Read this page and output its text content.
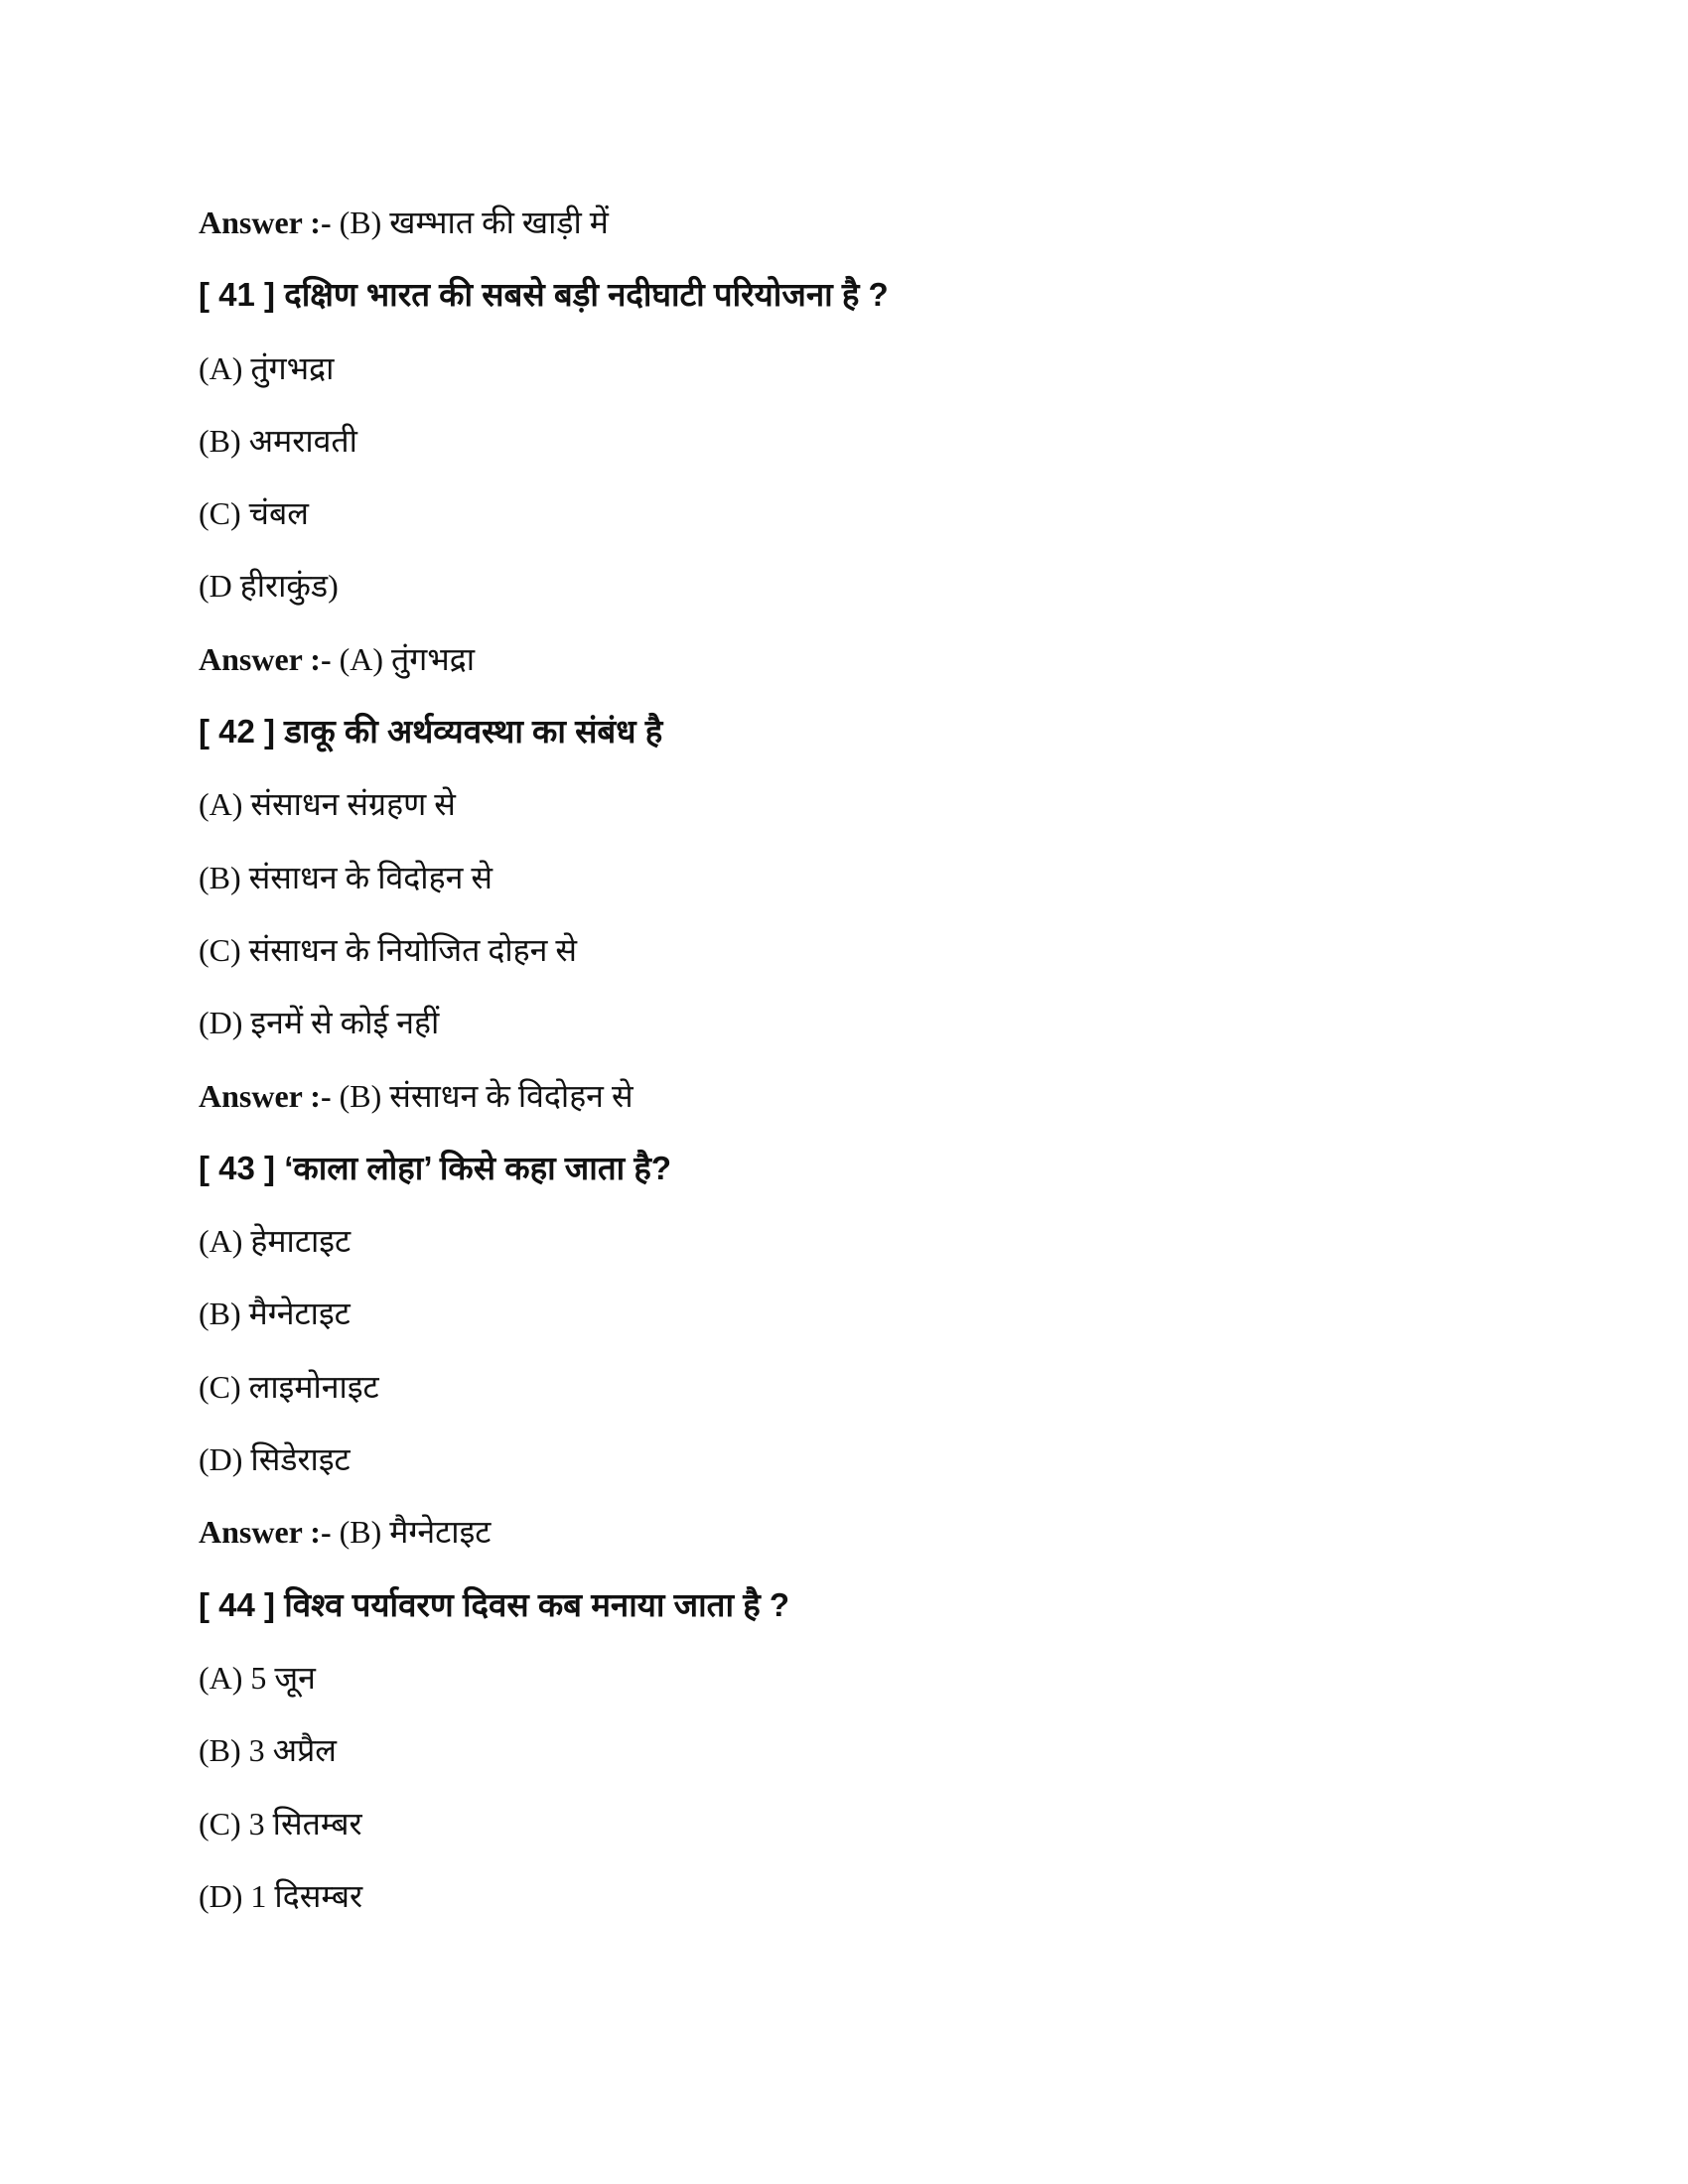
Answer :- (B) खम्भात की खाड़ी में
[ 41 ] दक्षिण भारत की सबसे बड़ी नदीघाटी परियोजना है ?
(A) तुंगभद्रा
(B) अमरावती
(C) चंबल
(D हीराकुंड)
Answer :- (A) तुंगभद्रा
[ 42 ] डाकू की अर्थव्यवस्था का संबंध है
(A) संसाधन संग्रहण से
(B) संसाधन के विदोहन से
(C) संसाधन के नियोजित दोहन से
(D) इनमें से कोई नहीं
Answer :- (B) संसाधन के विदोहन से
[ 43 ] ‘काला लोहा’ किसे कहा जाता है?
(A) हेमाटाइट
(B) मैग्नेटाइट
(C) लाइमोनाइट
(D) सिडेराइट
Answer :- (B) मैग्नेटाइट
[ 44 ] विश्व पर्यावरण दिवस कब मनाया जाता है ?
(A) 5 जून
(B) 3 अप्रैल
(C) 3 सितम्बर
(D) 1 दिसम्बर
